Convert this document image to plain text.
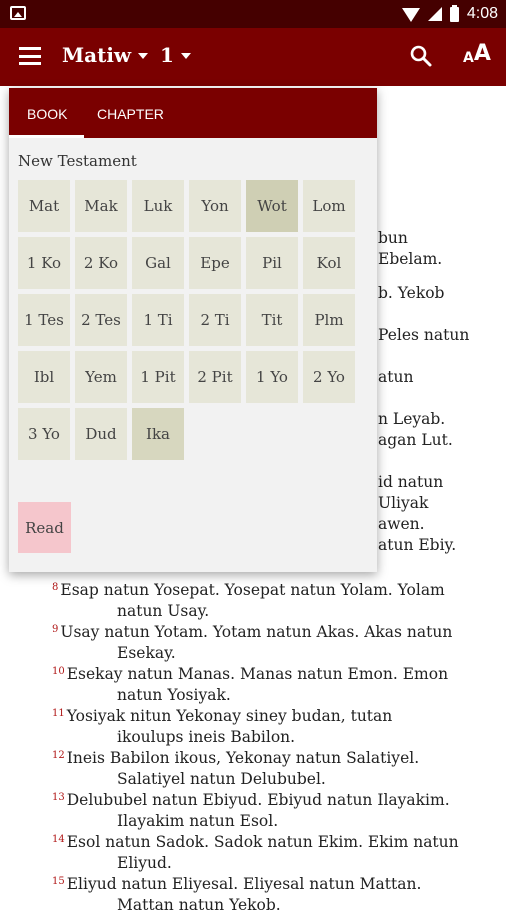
4:08
Matiw 1	A A
bun
Ebelam.
b. Yekob
Peles natun
atun
n Leyab.
agan Lut.
id natun
Uliyak
awen.
atun Ebiy.
$^8$ Esap natun Yosepat. Yosepat natun Yolam. Yolam
natun Usay.
$^9$ Usay natun Yotam. Yotam natun Akas. Akas natun
Esekay.
$^{10}$ Esekay natun Manas. Manas natun Emon. Emon
natun Yosiyak.
$^{11}$ Yosiyak nitun Yekonay siney budan, tutan
ikoulups ineis Babilon.
$^{12}$ Ineis Babilon ikous, Yekonay natun Salatiyel.
Salatiyel natun Delububel.
$^{13}$ Delububel natun Ebiyud. Ebiyud natun Ilayakim.
Ilayakim natun Esol.
$^{14}$ Esol natun Sadok. Sadok natun Ekim. Ekim natun
Eliyud.
$^{15}$ Eliyud natun Eliyesal. Eliyesal natun Mattan.
Mattan natun Yekob.
BOOK CHAPTER
New Testament
Mat	Mak	Luk	Yon	Wot	Lom
1 Ko	2 Ko	Gal	Epe	Pil	Kol
1 Tes	2 Tes	1 Ti	2 Ti	Tit	Plm
Ibl	Yem	1 Pit	2 Pit	1 Yo	2 Yo
3 Yo	Dud	Ika
Read
